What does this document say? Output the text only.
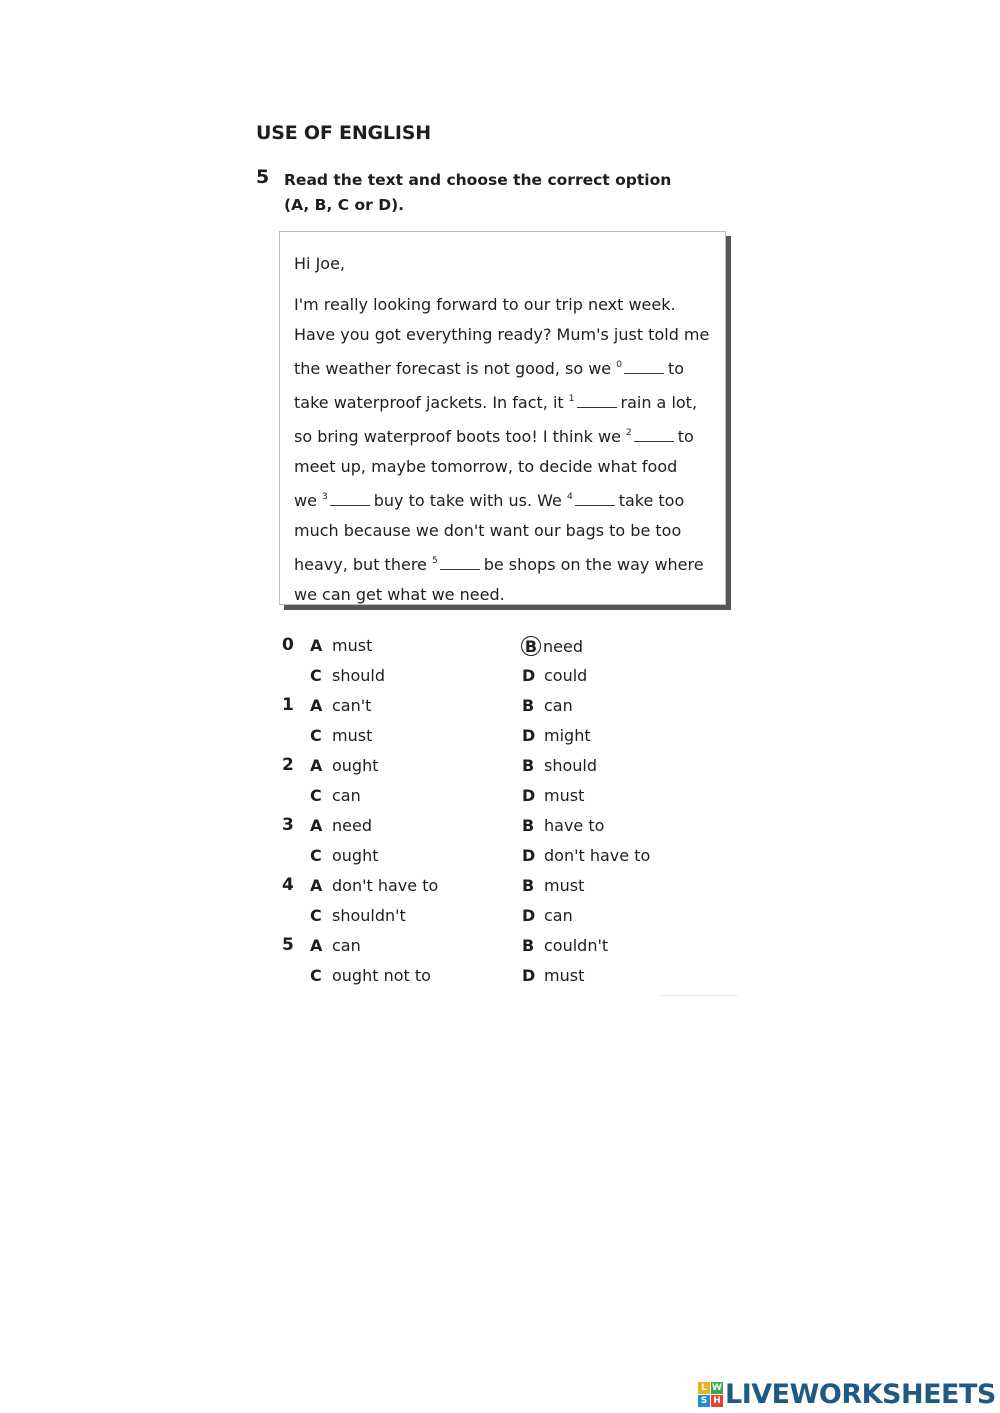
USE OF ENGLISH
5 Read the text and choose the correct option
(A, B, C or D).
Hi Joe,
I'm really looking forward to our trip next week.
Have you got everything ready? Mum's just told me
the weather forecast is not good, so we $^0$	to
take waterproof jackets. In fact, it $^1$	rain a lot,
so bring waterproof boots too! I think we $^2$	to
meet up, maybe tomorrow, to decide what food
we $^3$	buy to take with us. We $^4$	take too
much because we don't want our bags to be too
heavy, but there $^5$	be shops on the way where
we can get what we need.
0 A must	B need
C should	D could
1 A can't	B can
C must	D might
2 A ought	B should
C can	D must
3 A need	B have to
C ought	D don't have to
4 A don't have to	B must
C shouldn't	D can
5 A can	B couldn't
C ought not to	D must
L W
S H LIVEWORKSHEETS
